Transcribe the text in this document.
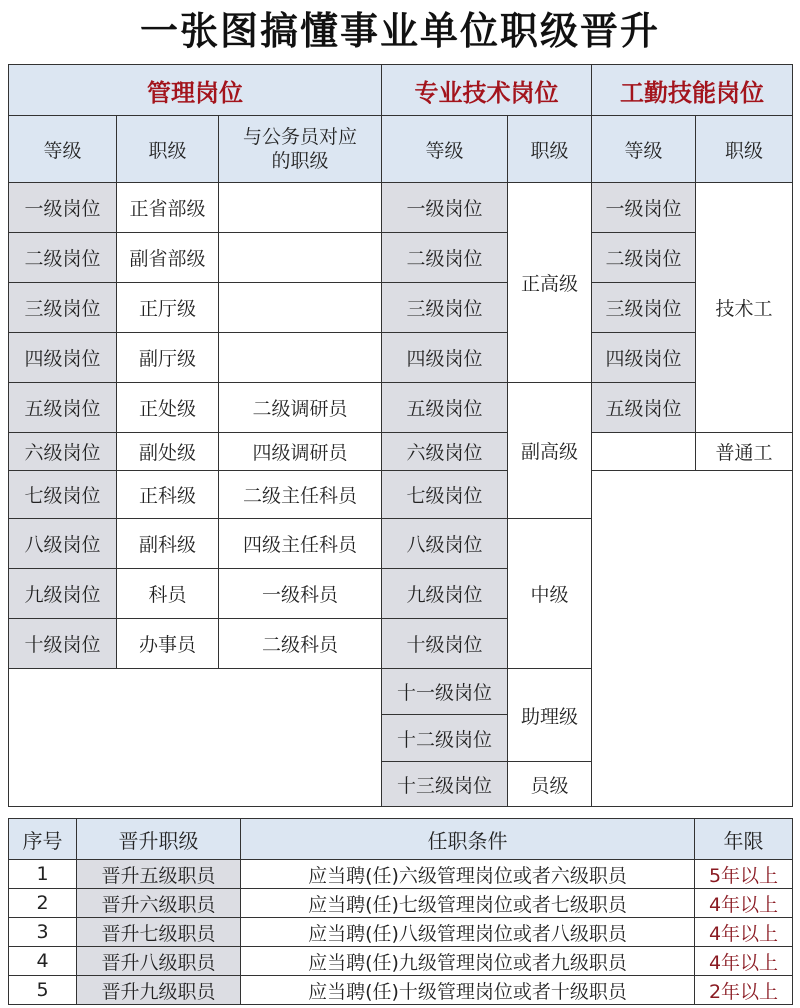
一张图搞懂事业单位职级晋升
管理岗位			专业技术岗位		工勤技能岗位	
等级	职级	与公务员对应的职级	等级	职级	等级	职级
一级岗位	正省部级		一级岗位	正高级	一级岗位	技术工
二级岗位	副省部级		二级岗位		二级岗位	
三级岗位	正厅级		三级岗位		三级岗位	
四级岗位	副厅级		四级岗位		四级岗位	
五级岗位	正处级	二级调研员	五级岗位	副高级	五级岗位	
六级岗位	副处级	四级调研员	六级岗位			普通工
七级岗位	正科级	二级主任科员	七级岗位			
八级岗位	副科级	四级主任科员	八级岗位	中级		
九级岗位	科员	一级科员	九级岗位			
十级岗位	办事员	二级科员	十级岗位			
			十一级岗位	助理级		
			十二级岗位			
			十三级岗位	员级		
序号	晋升职级	任职条件	年限
1	晋升五级职员	应当聘(任)六级管理岗位或者六级职员	5年以上
2	晋升六级职员	应当聘(任)七级管理岗位或者七级职员	4年以上
3	晋升七级职员	应当聘(任)八级管理岗位或者八级职员	4年以上
4	晋升八级职员	应当聘(任)九级管理岗位或者九级职员	4年以上
5	晋升九级职员	应当聘(任)十级管理岗位或者十级职员	2年以上
